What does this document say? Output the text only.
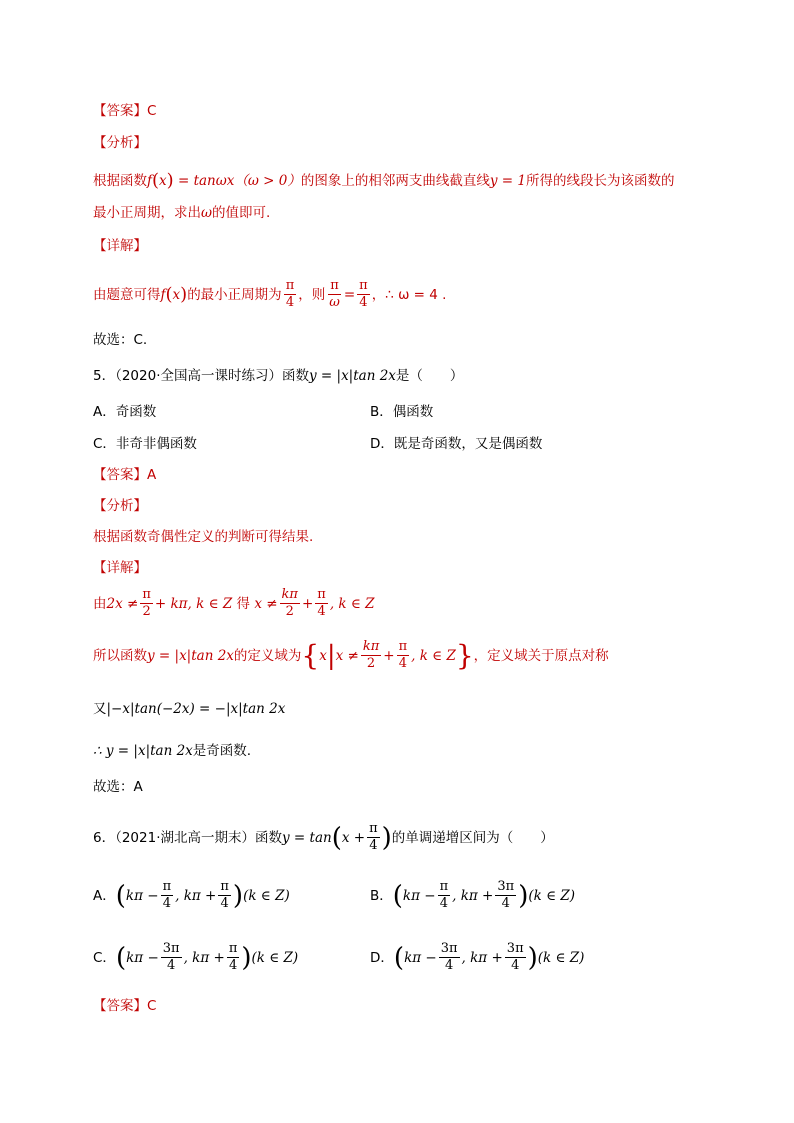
【答案】C
【分析】
根据函数f(x) = tanωx（ω > 0）的图象上的相邻两支曲线截直线y = 1所得的线段长为该函数的
最小正周期，求出ω的值即可.
【详解】
由题意可得f(x)的最小正周期为 $\frac{\pi}{4}$ ，则 $\frac{\pi}{\omega} = \frac{\pi}{4}$ ，∴ ω = 4 .
故选：C.
5．（2020·全国高一课时练习）函数y = |x|tan 2x是（　　）
A．奇函数	B．偶函数
C．非奇非偶函数	D．既是奇函数，又是偶函数
【答案】A
【分析】
根据函数奇偶性定义的判断可得结果.
【详解】
由$2x \ne \frac{\pi}{2} + k\pi$, k ∈ Z 得 $x \ne \frac{k\pi}{2} + \frac{\pi}{4}$ , k ∈ Z
所以函数y = |x|tan 2x的定义域为{$x|x \ne \frac{k\pi}{2} + \frac{\pi}{4}$ , k ∈ Z}，定义域关于原点对称
又|−x|tan(−2x) = −|x|tan 2x
∴ y = |x|tan 2x是奇函数.
故选：A
6．（2021·湖北高一期末）函数$y = \tan(x + \frac{\pi}{4}$ )的单调递增区间为（　　）
A．($k\pi - \frac{\pi}{4}$ , $k\pi + \frac{\pi}{4} )(k$ ∈ Z)	B．($k\pi - \frac{\pi}{4}$ , $k\pi + \frac{3\pi}{4} )(k$ ∈ Z)
C．($k\pi - \frac{3\pi}{4}$ , $k\pi + \frac{\pi}{4} )(k$ ∈ Z)	D．($k\pi - \frac{3\pi}{4}$ , $k\pi + \frac{3\pi}{4} )(k$ ∈ Z)
【答案】C
